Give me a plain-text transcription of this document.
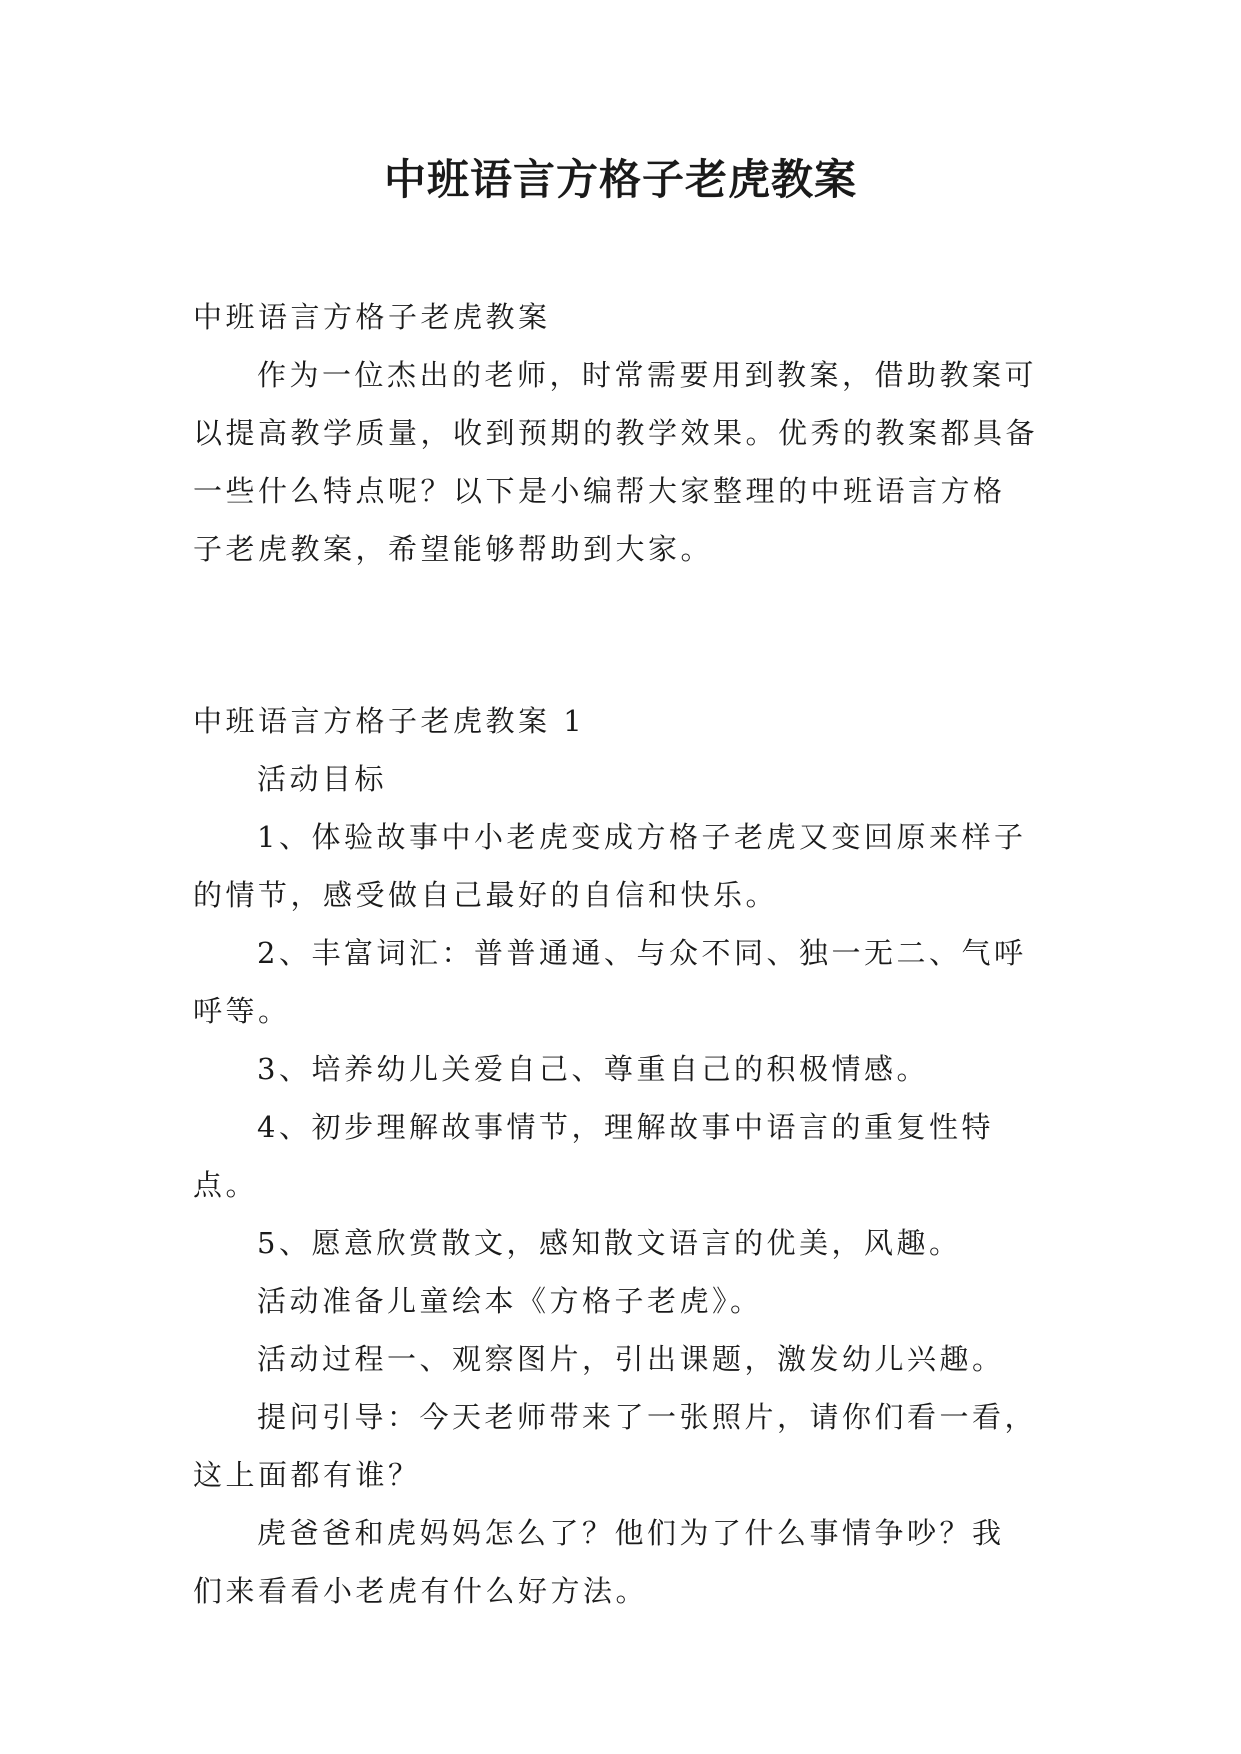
中班语言方格子老虎教案
中班语言方格子老虎教案
作为一位杰出的老师，时常需要用到教案，借助教案可
以提高教学质量，收到预期的教学效果。优秀的教案都具备
一些什么特点呢？以下是小编帮大家整理的中班语言方格
子老虎教案，希望能够帮助到大家。
中班语言方格子老虎教案 1
活动目标
1、体验故事中小老虎变成方格子老虎又变回原来样子
的情节，感受做自己最好的自信和快乐。
2、丰富词汇：普普通通、与众不同、独一无二、气呼
呼等。
3、培养幼儿关爱自己、尊重自己的积极情感。
4、初步理解故事情节，理解故事中语言的重复性特点。
5、愿意欣赏散文，感知散文语言的优美，风趣。
活动准备儿童绘本《方格子老虎》。
活动过程一、观察图片，引出课题，激发幼儿兴趣。
提问引导：今天老师带来了一张照片，请你们看一看，
这上面都有谁？
虎爸爸和虎妈妈怎么了？他们为了什么事情争吵？我
们来看看小老虎有什么好方法。
